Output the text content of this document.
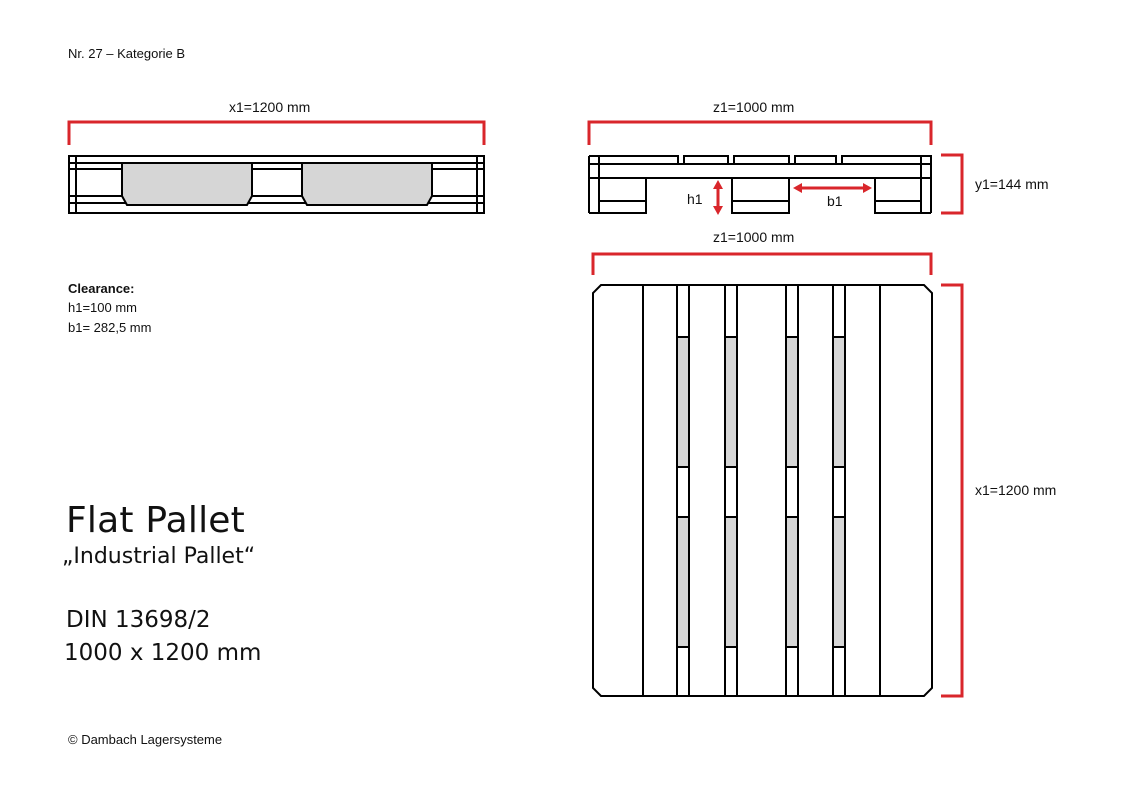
Nr. 27 – Kategorie B
x1=1200 mm	z1=1000 mm
y1=144 mm
z1=1000 mm
x1=1200 mm
h1	b1
Clearance:
h1=100 mm
b1= 282,5 mm
Flat Pallet
„Industrial Pallet“
DIN 13698/2
1000 x 1200 mm
© Dambach Lagersysteme
